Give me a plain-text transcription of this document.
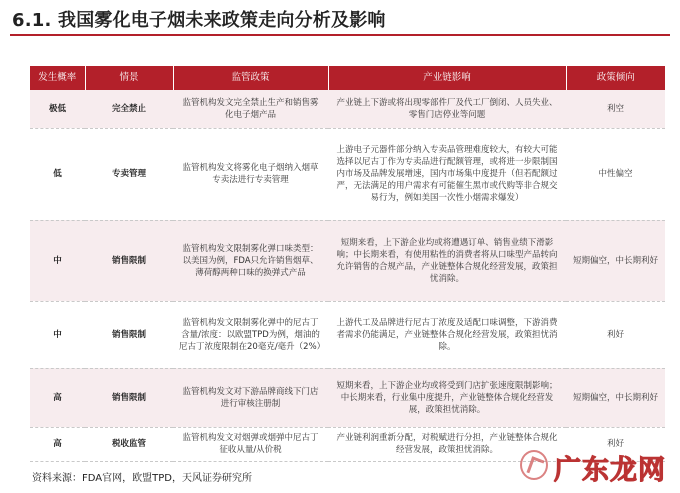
6.1. 我国雾化电子烟未来政策走向分析及影响
发生概率	情景	监管政策	产业链影响	政策倾向
极低	完全禁止	监管机构发文完全禁止生产和销售雾化电子烟产品	产业链上下游或将出现零部件厂及代工厂倒闭、人员失业、零售门店停业等问题	利空
低	专卖管理	监管机构发文将雾化电子烟纳入烟草专卖法进行专卖管理	上游电子元器件部分纳入专卖品管理难度较大，有较大可能选择以尼古丁作为专卖品进行配额管理，或将进一步限制国内市场及品牌发展增速，国内市场集中度提升（但若配额过严，无法满足的用户需求有可能催生黑市或代购等非合规交易行为，例如美国一次性小烟需求爆发）	中性偏空
中	销售限制	监管机构发文限制雾化弹口味类型：以美国为例，FDA只允许销售烟草、薄荷醇两种口味的换弹式产品	短期来看，上下游企业均或将遭遇订单、销售业绩下滑影响；中长期来看，有使用粘性的消费者将从口味型产品转向允许销售的合规产品，产业链整体合规化经营发展，政策担忧消除。	短期偏空，中长期利好
中	销售限制	监管机构发文限制雾化弹中的尼古丁含量/浓度：以欧盟TPD为例，烟油的尼古丁浓度限制在20毫克/毫升（2%）	上游代工及品牌进行尼古丁浓度及适配口味调整，下游消费者需求仍能满足，产业链整体合规化经营发展，政策担忧消除。	利好
高	销售限制	监管机构发文对下游品牌商线下门店进行审核注册制	短期来看，上下游企业均或将受到门店扩张速度限制影响；中长期来看，行业集中度提升，产业链整体合规化经营发展，政策担忧消除。	短期偏空，中长期利好
高	税收监管	监管机构发文对烟弹或烟弹中尼古丁征收从量/从价税	产业链利润重新分配，对税赋进行分担，产业链整体合规化经营发展，政策担忧消除。	利好
资料来源：FDA官网，欧盟TPD，天风证券研究所	广东龙网
